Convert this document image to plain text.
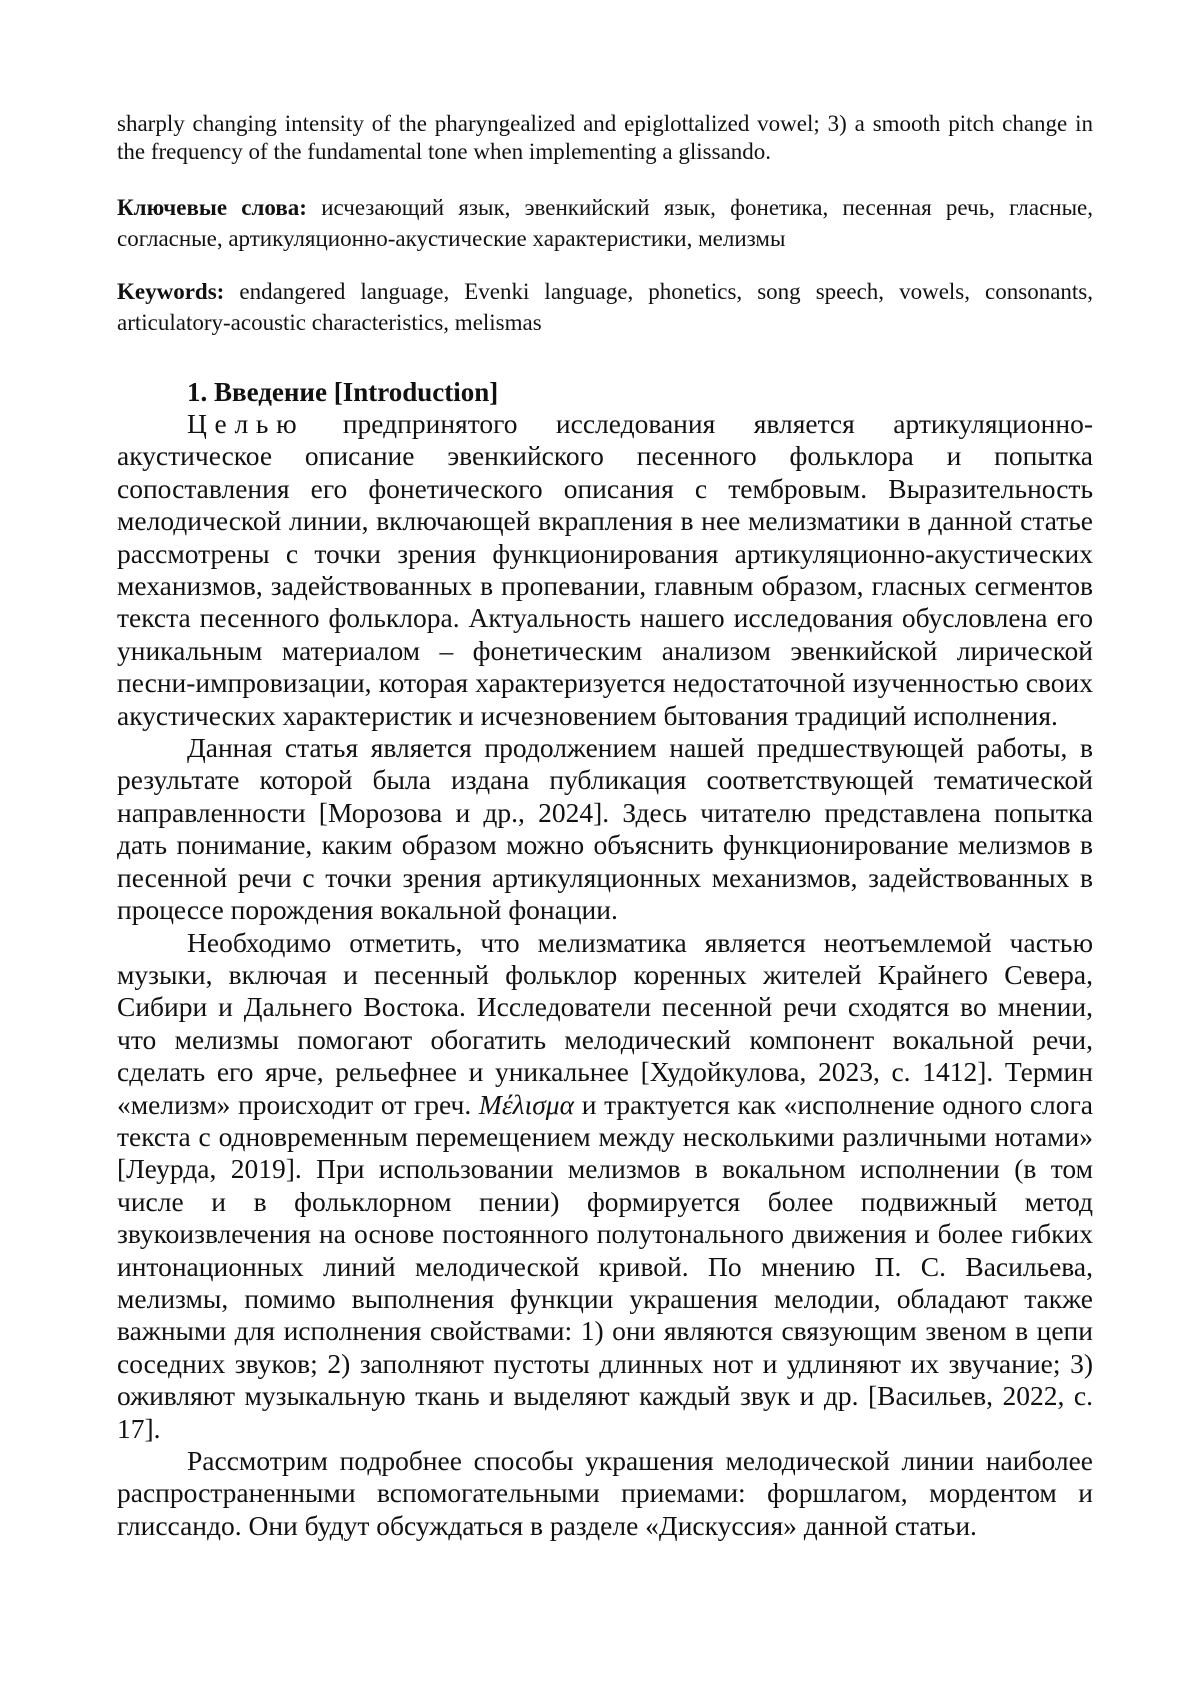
sharply changing intensity of the pharyngealized and epiglottalized vowel; 3) a smooth pitch change in the frequency of the fundamental tone when implementing a glissando.

Ключевые слова: исчезающий язык, эвенкийский язык, фонетика, песенная речь, гласные, согласные, артикуляционно-акустические характеристики, мелизмы

Keywords: endangered language, Evenki language, phonetics, song speech, vowels, consonants, articulatory-acoustic characteristics, melismas

1. Введение [Introduction]

Целью предпринятого исследования является артикуляционно-акустическое описание эвенкийского песенного фольклора и попытка сопоставления его фонетического описания с тембровым. Выразительность мелодической линии, включающей вкрапления в нее мелизматики в данной статье рассмотрены с точки зрения функционирования артикуляционно-акустических механизмов, задействованных в пропевании, главным образом, гласных сегментов текста песенного фольклора. Актуальность нашего исследования обусловлена его уникальным материалом – фонетическим анализом эвенкийской лирической песни-импровизации, которая характеризуется недостаточной изученностью своих акустических характеристик и исчезновением бытования традиций исполнения.

Данная статья является продолжением нашей предшествующей работы, в результате которой была издана публикация соответствующей тематической направленности [Морозова и др., 2024]. Здесь читателю представлена попытка дать понимание, каким образом можно объяснить функционирование мелизмов в песенной речи с точки зрения артикуляционных механизмов, задействованных в процессе порождения вокальной фонации.

Необходимо отметить, что мелизматика является неотъемлемой частью музыки, включая и песенный фольклор коренных жителей Крайнего Севера, Сибири и Дальнего Востока. Исследователи песенной речи сходятся во мнении, что мелизмы помогают обогатить мелодический компонент вокальной речи, сделать его ярче, рельефнее и уникальнее [Худойкулова, 2023, с. 1412]. Термин «мелизм» происходит от греч. Μέλισμα и трактуется как «исполнение одного слога текста с одновременным перемещением между несколькими различными нотами» [Леурда, 2019]. При использовании мелизмов в вокальном исполнении (в том числе и в фольклорном пении) формируется более подвижный метод звукоизвлечения на основе постоянного полутонального движения и более гибких интонационных линий мелодической кривой. По мнению П. С. Васильева, мелизмы, помимо выполнения функции украшения мелодии, обладают также важными для исполнения свойствами: 1) они являются связующим звеном в цепи соседних звуков; 2) заполняют пустоты длинных нот и удлиняют их звучание; 3) оживляют музыкальную ткань и выделяют каждый звук и др. [Васильев, 2022, с. 17].

Рассмотрим подробнее способы украшения мелодической линии наиболее распространенными вспомогательными приемами: форшлагом, мордентом и глиссандо. Они будут обсуждаться в разделе «Дискуссия» данной статьи.
